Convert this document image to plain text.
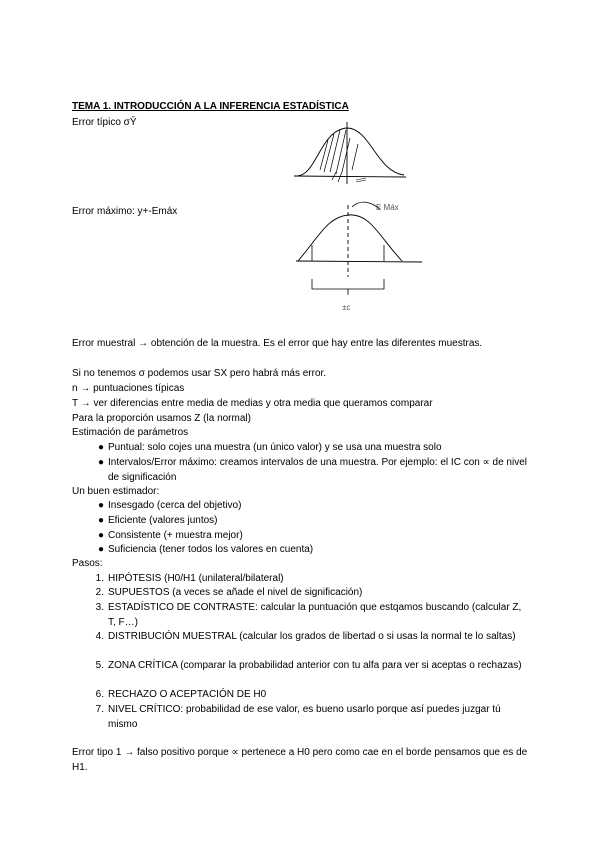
TEMA 1. INTRODUCCIÓN A LA INFERENCIA ESTADÍSTICA
Error típico σȲ
Error máximo: y+-Emáx	E Máx
±c
Error muestral → obtención de la muestra. Es el error que hay entre las diferentes muestras.
Si no tenemos σ podemos usar SX pero habrá más error.
n → puntuaciones típicas
T → ver diferencias entre media de medias y otra media que queramos comparar
Para la proporción usamos Z (la normal)
Estimación de parámetros
● Puntual: solo cojes una muestra (un único valor) y se usa una muestra solo
● Intervalos/Error máximo: creamos intervalos de una muestra. Por ejemplo: el IC con ∝ de nivel de significación
Un buen estimador:
● Insesgado (cerca del objetivo)
● Eficiente (valores juntos)
● Consistente (+ muestra mejor)
● Suficiencia (tener todos los valores en cuenta)
Pasos:
1. HIPÓTESIS (H0/H1 (unilateral/bilateral)
2. SUPUESTOS (a veces se añade el nivel de significación)
3. ESTADÍSTICO DE CONTRASTE: calcular la puntuación que estqamos buscando (calcular Z, T, F…)
4. DISTRIBUCIÓN MUESTRAL (calcular los grados de libertad o si usas la normal te lo saltas)
5. ZONA CRÍTICA (comparar la probabilidad anterior con tu alfa para ver si aceptas o rechazas)
6. RECHAZO O ACEPTACIÓN DE H0
7. NIVEL CRÍTICO: probabilidad de ese valor, es bueno usarlo porque así puedes juzgar tú mismo
Error tipo 1 → falso positivo porque ∝ pertenece a H0 pero como cae en el borde pensamos que es de H1.
